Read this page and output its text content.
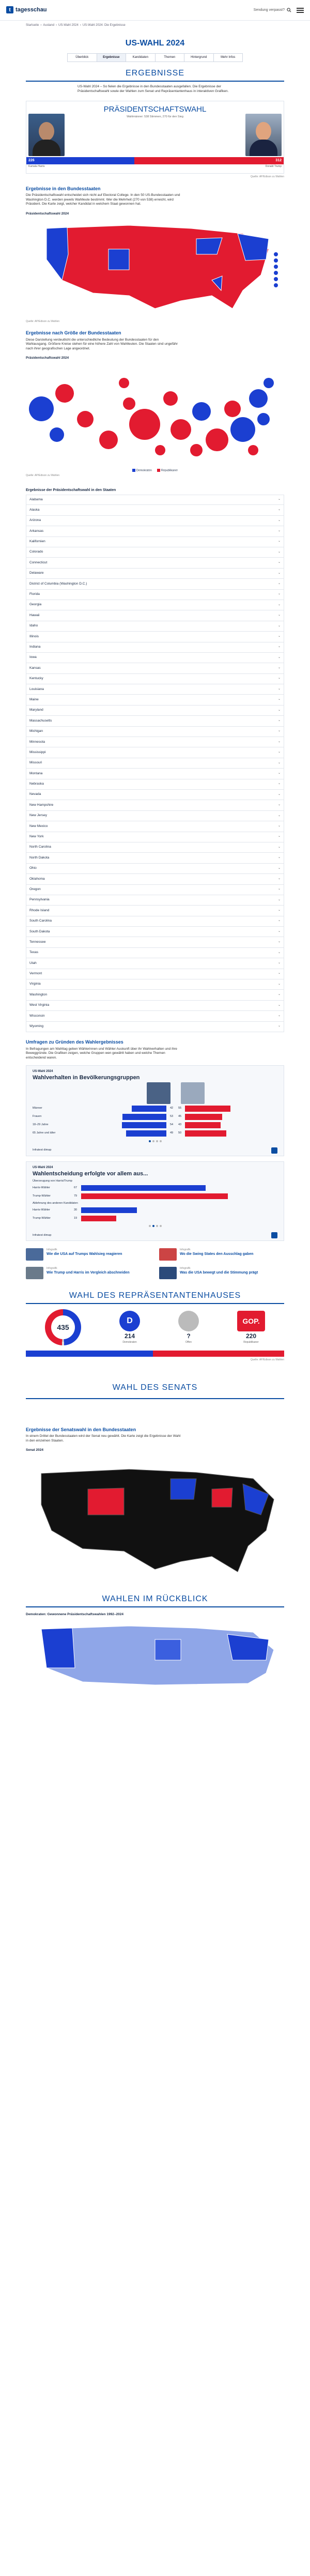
t tagesschau	Sendung verpasst?
Startseite › Ausland › US-Wahl 2024 › US-Wahl 2024: Die Ergebnisse
US-WAHL 2024
Überblick	Ergebnisse	Kandidaten	Themen	Hintergrund	Mehr Infos
ERGEBNISSE

US-Wahl 2024 – So fielen die Ergebnisse in den Bundesstaaten ausgefallen. Die Ergebnisse der Präsidentschaftswahl sowie der Wahlen zum Senat und Repräsentantenhaus in interaktiven Grafiken.

PRÄSIDENTSCHAFTSWAHL
Wahlmänner: 538 Stimmen, 270 für den Sieg
226	312
Kamala Harris	Donald Trump
Quelle: AP/Edison zu Wahlen
Ergebnisse in den Bundesstaaten

Die Präsidentschaftswahl entscheidet sich nicht auf Electoral College. In den 50 US-Bundesstaaten und Washington D.C. werden jeweils Wahlleute bestimmt. Wer die Mehrheit (270 von 538) erreicht, wird Präsident. Die Karte zeigt, welcher Kandidat in welchem Staat gewonnen hat.

Präsidentschaftswahl 2024
Quelle: AP/Edison zu Wahlen
Ergebnisse nach Größe der Bundesstaaten

Diese Darstellung verdeutlicht die unterschiedliche Bedeutung der Bundesstaaten für den Wahlausgang. Größere Kreise stehen für eine höhere Zahl von Wahlleuten. Die Staaten sind ungefähr nach ihrer geografischen Lage angeordnet.

Präsidentschaftswahl 2024
Demokraten	Republikaner
Quelle: AP/Edison zu Wahlen
Ergebnisse der Präsidentschaftswahl in den Staaten
Alabama	⌄
Alaska	⌄
Arizona	⌄
Arkansas	⌄
Kalifornien	⌄
Colorado	⌄
Connecticut	⌄
Delaware	⌄
District of Columbia (Washington D.C.)	⌄
Florida	⌄
Georgia	⌄
Hawaii	⌄
Idaho	⌄
Illinois	⌄
Indiana	⌄
Iowa	⌄
Kansas	⌄
Kentucky	⌄
Louisiana	⌄
Maine	⌄
Maryland	⌄
Massachusetts	⌄
Michigan	⌄
Minnesota	⌄
Mississippi	⌄
Missouri	⌄
Montana	⌄
Nebraska	⌄
Nevada	⌄
New Hampshire	⌄
New Jersey	⌄
New Mexico	⌄
New York	⌄
North Carolina	⌄
North Dakota	⌄
Ohio	⌄
Oklahoma	⌄
Oregon	⌄
Pennsylvania	⌄
Rhode Island	⌄
South Carolina	⌄
South Dakota	⌄
Tennessee	⌄
Texas	⌄
Utah	⌄
Vermont	⌄
Virginia	⌄
Washington	⌄
West Virginia	⌄
Wisconsin	⌄
Wyoming	⌄
Umfragen zu Gründen des Wahlergebnisses

In Befragungen am Wahltag geben Wählerinnen und Wähler Auskunft über ihr Wahlverhalten und ihre Beweggründe. Die Grafiken zeigen, welche Gruppen wen gewählt haben und welche Themen entscheidend waren.

US-Wahl 2024
Wahlverhalten in Bevölkerungsgruppen
Männer	42	55
Frauen	53	45
18–29 Jahre	54	43
65 Jahre und älter	49	50
Infratest dimap
US-Wahl 2024
Wahlentscheidung erfolgte vor allem aus...
Überzeugung von Harris/Trump
Harris-Wähler	67
Trump-Wähler	79
Ablehnung des anderen Kandidaten
Harris-Wähler	30
Trump-Wähler	19
Infratest dimap
Infografik
Wie die USA auf Trumps Wahlsieg reagieren
Infografik
Wo die Swing States den Ausschlag gaben
Infografik
Wie Trump und Harris im Vergleich abschneiden
Infografik
Was die USA bewegt und die Stimmung prägt
WAHL DES REPRÄSENTANTENHAUSES
435
D
214
Demokraten
?
Offen
GOP.
220
Republikaner
Quelle: AP/Edison zu Wahlen
WAHL DES SENATS
Ergebnisse der Senatswahl in den Bundesstaaten

In einem Drittel der Bundesstaaten wird der Senat neu gewählt. Die Karte zeigt die Ergebnisse der Wahl in den einzelnen Staaten.

Senat 2024
WAHLEN IM RÜCKBLICK
Demokraten: Gewonnene Präsidentschaftswahlen 1992–2024
